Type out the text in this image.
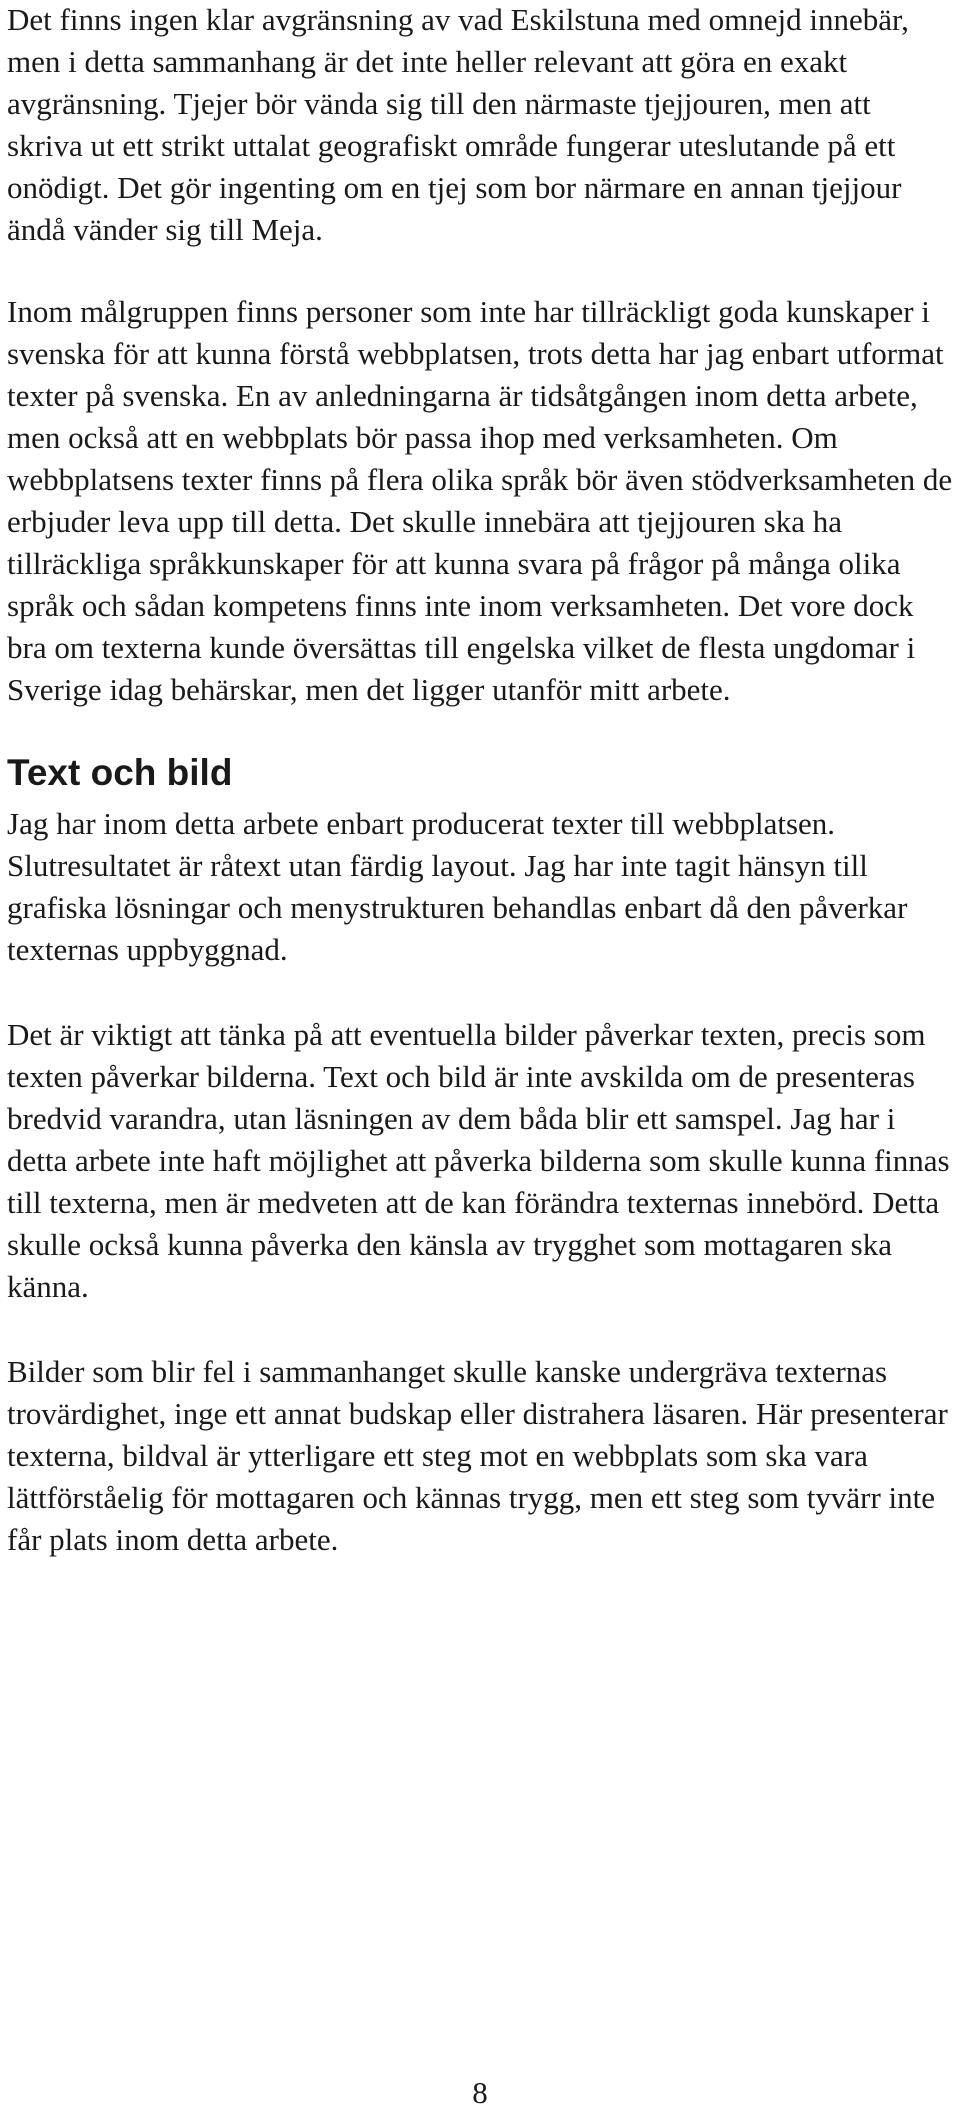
Det finns ingen klar avgränsning av vad Eskilstuna med omnejd innebär, men i detta sammanhang är det inte heller relevant att göra en exakt avgränsning. Tjejer bör vända sig till den närmaste tjejjouren, men att skriva ut ett strikt uttalat geografiskt område fungerar uteslutande på ett onödigt. Det gör ingenting om en tjej som bor närmare en annan tjejjour ändå vänder sig till Meja.

Inom målgruppen finns personer som inte har tillräckligt goda kunskaper i svenska för att kunna förstå webbplatsen, trots detta har jag enbart utformat texter på svenska. En av anledningarna är tidsåtgången inom detta arbete, men också att en webbplats bör passa ihop med verksamheten. Om webbplatsens texter finns på flera olika språk bör även stödverksamheten de erbjuder leva upp till detta. Det skulle innebära att tjejjouren ska ha tillräckliga språkkunskaper för att kunna svara på frågor på många olika språk och sådan kompetens finns inte inom verksamheten. Det vore dock bra om texterna kunde översättas till engelska vilket de flesta ungdomar i Sverige idag behärskar, men det ligger utanför mitt arbete.

Text och bild

Jag har inom detta arbete enbart producerat texter till webbplatsen. Slutresultatet är råtext utan färdig layout. Jag har inte tagit hänsyn till grafiska lösningar och menystrukturen behandlas enbart då den påverkar texternas uppbyggnad.

Det är viktigt att tänka på att eventuella bilder påverkar texten, precis som texten påverkar bilderna. Text och bild är inte avskilda om de presenteras bredvid varandra, utan läsningen av dem båda blir ett samspel. Jag har i detta arbete inte haft möjlighet att påverka bilderna som skulle kunna finnas till texterna, men är medveten att de kan förändra texternas innebörd. Detta skulle också kunna påverka den känsla av trygghet som mottagaren ska känna.

Bilder som blir fel i sammanhanget skulle kanske undergräva texternas trovärdighet, inge ett annat budskap eller distrahera läsaren. Här presenterar texterna, bildval är ytterligare ett steg mot en webbplats som ska vara lättförståelig för mottagaren och kännas trygg, men ett steg som tyvärr inte får plats inom detta arbete.

8
